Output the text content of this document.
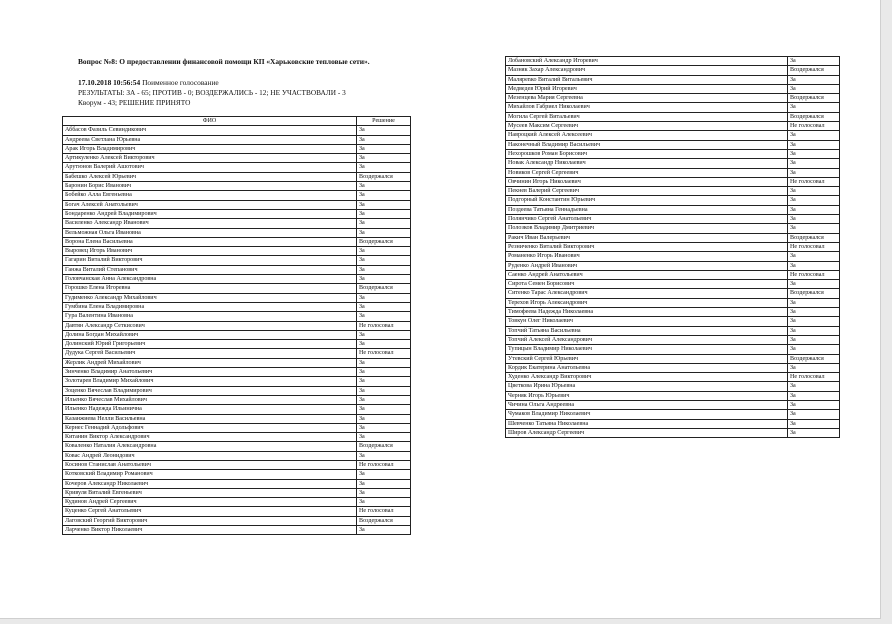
Вопрос №8: О предоставлении финансовой помощи КП «Харьковские тепловые сети».
17.10.2018 10:56:54 Поименное голосование
РЕЗУЛЬТАТЫ: ЗА - 65; ПРОТИВ - 0; ВОЗДЕРЖАЛИСЬ - 12; НЕ УЧАСТВОВАЛИ - 3
Кворум - 43; РЕШЕНИЕ ПРИНЯТО
ФИО	Решение
Аббасов Фазиль Севиндикович	За
Андреева Светлана Юрьевна	За
Арак Игорь Владимирович	За
Артикуленко Алексей Викторович	За
Арутюнов Валерий Ашотович	За
Бабешко Алексей Юрьевич	Воздержался
Баронин Борис Иванович	За
Бобейко Алла Евгеньевна	За
Богач Алексей Анатольевич	За
Бондаренко Андрей Владимирович	За
Василенко Александр Иванович	За
Вельможная Ольга Ивановна	За
Ворона Елена Васильевна	Воздержался
Выровец Игорь Иванович	За
Гагарин Виталий Викторович	За
Ганжа Виталий Степанович	За
Головчанская Анна Александровна	За
Горошко Елена Игоревна	Воздержался
Гудименко Александр Михайлович	За
Гумбина Елена Владимировна	За
Гура Валентина Ивановна	За
Давтян Александр Сеткисович	Не голосовал
Долина Богдан Михайлович	За
Долинский Юрий Григорьевич	За
Дудука Сергей Васильевич	Не голосовал
Жерлик Андрей Михайлович	За
Зинченко Владимир Анатольевич	За
Золотарев Владимир Михайлович	За
Зоценко Вячеслав Владимирович	За
Ильенко Вячеслав Михайлович	За
Ильенко Надежда Ильинична	За
Казанжиева Нелли Васильевна	За
Кернес Геннадий Адольфович	За
Китанин Виктор Александрович	За
Коваленко Наталия Александровна	Воздержался
Ковас Андрей Леонидович	За
Косинов Станислав Анатольевич	Не голосовал
Котковский Владимир Романович	За
Кочеров Александр Николаевич	За
Кривуля Виталий Евгеньевич	За
Кудинов Андрей Сергеевич	За
Куценко Сергей Анатольевич	Не голосовал
Лаговский Георгий Викторович	Воздержался
Ларченко Виктор Николаевич	За
Лобановский Александр Игоревич	За
Мазняк Захар Александрович	Воздержался
Малярenко Виталий Витальевич	За
Медведев Юрий Игоревич	За
Мезенцева Мария Сергеевна	Воздержался
Михайлов Габриел Николаевич	За
Могила Сергей Витальевич	Воздержался
Мусеев Максим Сергеевич	Не голосовал
Навроцкий Алексей Алексеевич	За
Наконечный Владимир Васильевич	За
Нехорошков Роман Борисович	За
Новак Александр Николаевич	За
Новиков Сергей Сергеевич	За
Овчинин Игорь Николаевич	Не голосовал
Пекнев Валерий Сергеевич	За
Подгорный Константин Юрьевич	За
Поздеева Татьяна Геннадьевна	За
Полянчико Сергей Анатольевич	За
Полозков Владимир Дмитриевич	За
Ракич Иван Валерьевич	Воздержался
Резниченко Виталий Викторович	Не голосовал
Романенко Игорь Иванович	За
Руденко Андрей Иванович	За
Саенко Андрей Анатольевич	Не голосовал
Сирота Семен Борисович	За
Ситенко Тарас Александрович	Воздержался
Терехов Игорь Александрович	За
Тимофеева Надежда Николаевна	За
Товкун Олег Николаевич	За
Топчий Татьяна Васильевна	За
Топчий Алексей Александрович	За
Тупицын Владимир Николаевич	За
Утевский Сергей Юрьевич	Воздержался
Кордик Екатерина Анатольевна	За
Худенко Александр Викторович	Не голосовал
Цветкова Ирина Юрьевна	За
Черняк Игорь Юрьевич	За
Чичина Ольга Андреевна	За
Чумаков Владимир Николаевич	За
Шевченко Татьяна Николаевна	За
Шиpов Александр Сергеевич	За
